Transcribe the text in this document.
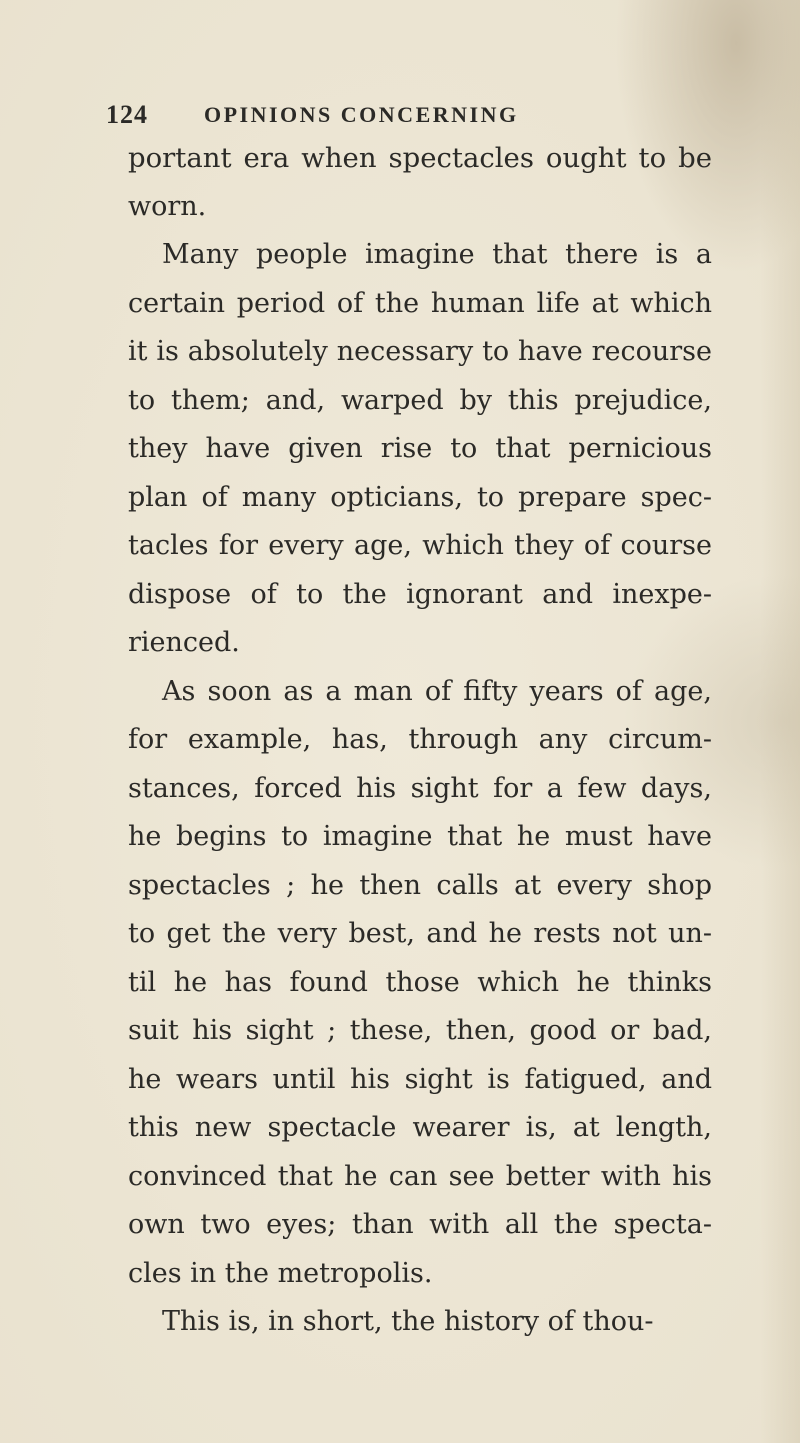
124	OPINIONS CONCERNING
portant era when spectacles ought to be
worn.
Many people imagine that there is a
certain period of the human life at which
it is absolutely necessary to have recourse
to them; and, warped by this prejudice,
they have given rise to that pernicious
plan of many opticians, to prepare spec-
tacles for every age, which they of course
dispose of to the ignorant and inexpe-
rienced.
As soon as a man of fifty years of age,
for example, has, through any circum-
stances, forced his sight for a few days,
he begins to imagine that he must have
spectacles ; he then calls at every shop
to get the very best, and he rests not un-
til he has found those which he thinks
suit his sight ; these, then, good or bad,
he wears until his sight is fatigued, and
this new spectacle wearer is, at length,
convinced that he can see better with his
own two eyes; than with all the specta-
cles in the metropolis.
This is, in short, the history of thou-
